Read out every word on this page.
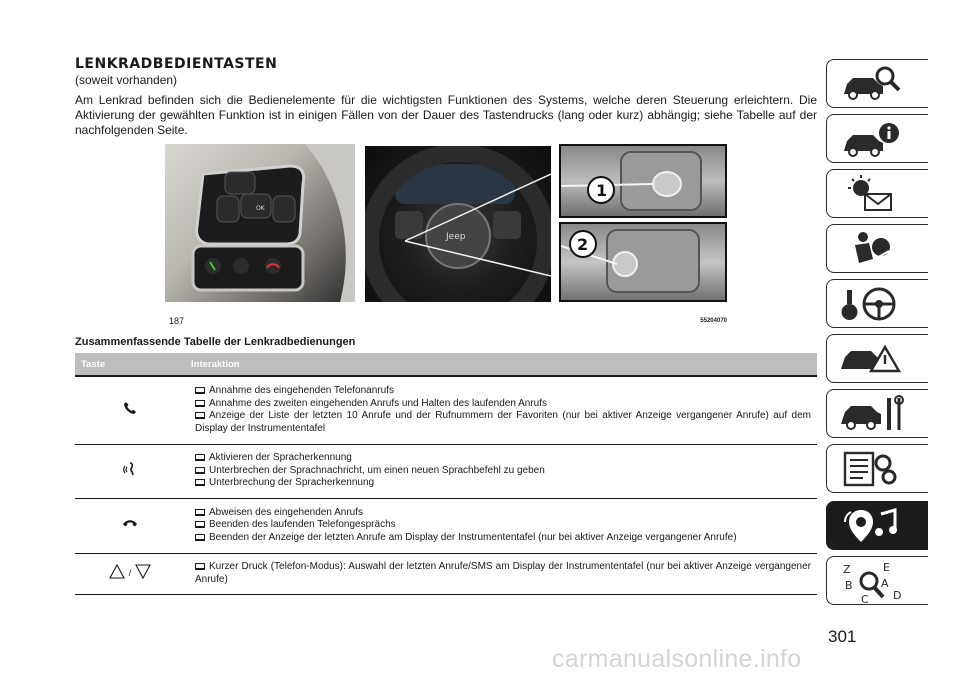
LENKRADBEDIENTASTEN
(soweit vorhanden)
Am Lenkrad befinden sich die Bedienelemente für die wichtigsten Funktionen des Systems, welche deren Steuerung erleichtern. Die Aktivierung der gewählten Funktion ist in einigen Fällen von der Dauer des Tastendrucks (lang oder kurz) abhängig; siehe Tabelle auf der nachfolgenden Seite.
OK
Jeep
1
2
187	55204070
Zusammenfassende Tabelle der Lenkradbedienungen
Taste	Interaktion

Annahme des eingehenden Telefonanrufs
Annahme des zweiten eingehenden Anrufs und Halten des laufenden Anrufs
Anzeige der Liste der letzten 10 Anrufe und der Rufnummern der Favoriten (nur bei aktiver Anzeige vergangener Anrufe) auf dem Display der Instrumententafel

Aktivieren der Spracherkennung
Unterbrechen der Sprachnachricht, um einen neuen Sprachbefehl zu geben
Unterbrechung der Spracherkennung

Abweisen des eingehenden Anrufs
Beenden des laufenden Telefongesprächs
Beenden der Anzeige der letzten Anrufe am Display der Instrumententafel (nur bei aktiver Anzeige vergangener Anrufe)

/	Kurzer Druck (Telefon-Modus): Auswahl der letzten Anrufe/SMS am Display der Instrumententafel (nur bei aktiver Anzeige vergangener Anrufe)
Z	E
B	A
C D
301
carmanualsonline.info
